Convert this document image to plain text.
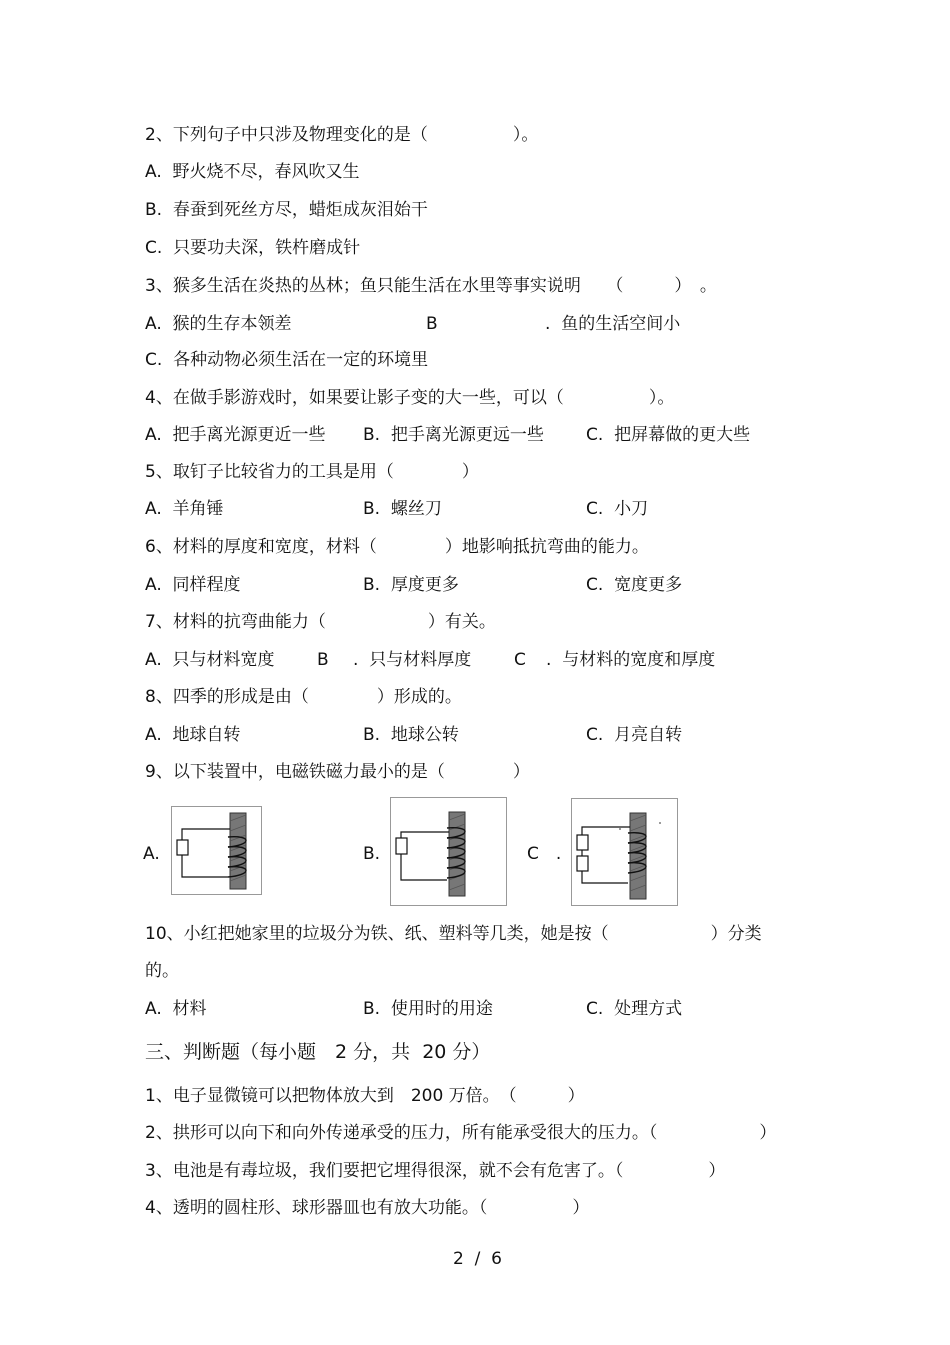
2、下列句子中只涉及物理变化的是（　　　　　）。
A.  野火烧不尽，春风吹又生
B.  春蚕到死丝方尽，蜡炬成灰泪始干
C.  只要功夫深，铁杵磨成针
3、猴多生活在炎热的丛林；鱼只能生活在水里等事实说明　　（　　　）　。
A.  猴的生存本领差	B	.  鱼的生活空间小
C.  各种动物必须生活在一定的环境里
4、在做手影游戏时，如果要让影子变的大一些，可以（　　　　　）。
A.  把手离光源更近一些 B.  把手离光源更远一些 C.  把屏幕做的更大些
5、取钉子比较省力的工具是用（　　　　）
A.  羊角锤	B.  螺丝刀	C.  小刀
6、材料的厚度和宽度，材料（　　　　）地影响抵抗弯曲的能力。
A.  同样程度	B.  厚度更多	C.  宽度更多
7、材料的抗弯曲能力（　　　　　　）有关。
A.  只与材料宽度 B .  只与材料厚度	C .  与材料的宽度和厚度
8、四季的形成是由（　　　　）形成的。
A.  地球自转	B.  地球公转	C.  月亮自转
9、以下装置中，电磁铁磁力最小的是（　　　　）
A.	B.	C　.
10、小红把她家里的垃圾分为铁、纸、塑料等几类，她是按（　　　　　　）分类
的。
A.  材料	B.  使用时的用途	C.  处理方式
三、判断题（每小题　2 分，共  20 分）
1、电子显微镜可以把物体放大到　200 万倍。　（　　　）
2、拱形可以向下和向外传递承受的压力，所有能承受很大的压力。（　　　　　　）
3、电池是有毒垃圾，我们要把它埋得很深，就不会有危害了。（　　　　　）
4、透明的圆柱形、球形器皿也有放大功能。（　　　　　）
2  /  6
